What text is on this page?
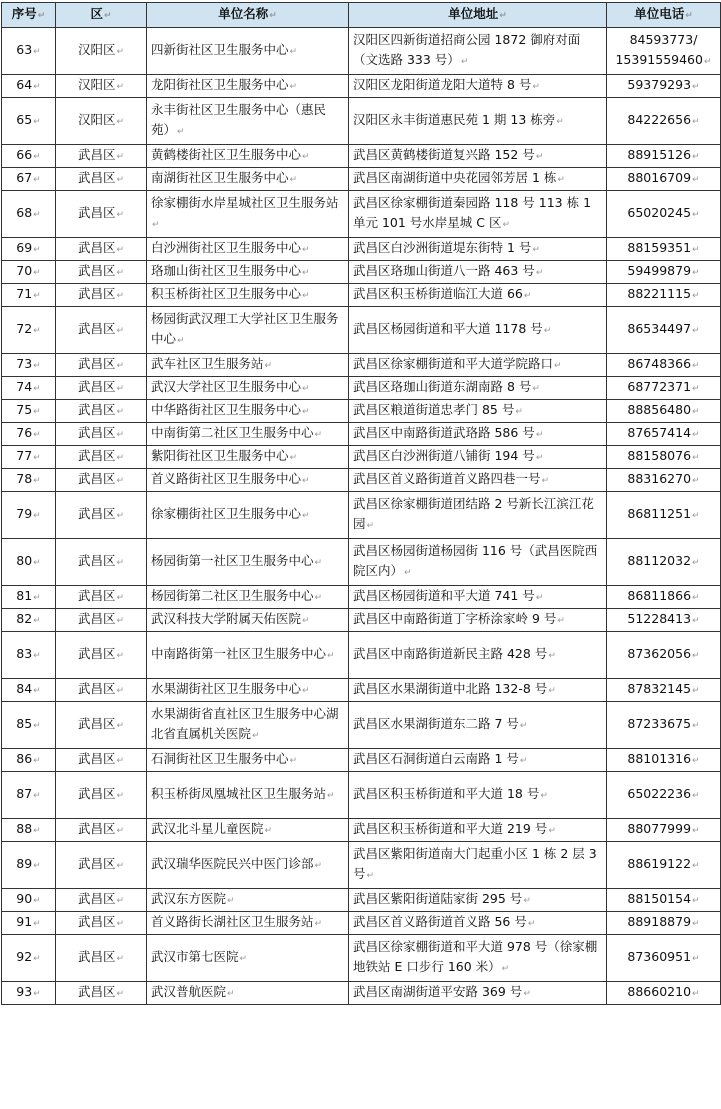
序号↵	区↵	单位名称↵	单位地址↵	单位电话↵
63↵	汉阳区↵	四新街社区卫生服务中心↵	汉阳区四新街道招商公园 1872 御府对面（文选路 333 号）↵	84593773/ 15391559460↵
64↵	汉阳区↵	龙阳街社区卫生服务中心↵	汉阳区龙阳街道龙阳大道特 8 号↵	59379293↵
65↵	汉阳区↵	永丰街社区卫生服务中心（惠民苑）↵	汉阳区永丰街道惠民苑 1 期 13 栋旁↵	84222656↵
66↵	武昌区↵	黄鹤楼街社区卫生服务中心↵	武昌区黄鹤楼街道复兴路 152 号↵	88915126↵
67↵	武昌区↵	南湖街社区卫生服务中心↵	武昌区南湖街道中央花园邻芳居 1 栋↵	88016709↵
68↵	武昌区↵	徐家棚街水岸星城社区卫生服务站↵	武昌区徐家棚街道秦园路 118 号 113 栋 1 单元 101 号水岸星城 C 区↵	65020245↵
69↵	武昌区↵	白沙洲街社区卫生服务中心↵	武昌区白沙洲街道堤东街特 1 号↵	88159351↵
70↵	武昌区↵	珞珈山街社区卫生服务中心↵	武昌区珞珈山街道八一路 463 号↵	59499879↵
71↵	武昌区↵	积玉桥街社区卫生服务中心↵	武昌区积玉桥街道临江大道 66↵	88221115↵
72↵	武昌区↵	杨园街武汉理工大学社区卫生服务中心↵	武昌区杨园街道和平大道 1178 号↵	86534497↵
73↵	武昌区↵	武车社区卫生服务站↵	武昌区徐家棚街道和平大道学院路口↵	86748366↵
74↵	武昌区↵	武汉大学社区卫生服务中心↵	武昌区珞珈山街道东湖南路 8 号↵	68772371↵
75↵	武昌区↵	中华路街社区卫生服务中心↵	武昌区粮道街道忠孝门 85 号↵	88856480↵
76↵	武昌区↵	中南街第二社区卫生服务中心↵	武昌区中南路街道武珞路 586 号↵	87657414↵
77↵	武昌区↵	紫阳街社区卫生服务中心↵	武昌区白沙洲街道八铺街 194 号↵	88158076↵
78↵	武昌区↵	首义路街社区卫生服务中心↵	武昌区首义路街道首义路四巷一号↵	88316270↵
79↵	武昌区↵	徐家棚街社区卫生服务中心↵	武昌区徐家棚街道团结路 2 号新长江滨江花园↵	86811251↵
80↵	武昌区↵	杨园街第一社区卫生服务中心↵	武昌区杨园街道杨园街 116 号（武昌医院西院区内）↵	88112032↵
81↵	武昌区↵	杨园街第二社区卫生服务中心↵	武昌区杨园街道和平大道 741 号↵	86811866↵
82↵	武昌区↵	武汉科技大学附属天佑医院↵	武昌区中南路街道丁字桥涂家岭 9 号↵	51228413↵
83↵	武昌区↵	中南路街第一社区卫生服务中心↵	武昌区中南路街道新民主路 428 号↵	87362056↵
84↵	武昌区↵	水果湖街社区卫生服务中心↵	武昌区水果湖街道中北路 132-8 号↵	87832145↵
85↵	武昌区↵	水果湖街省直社区卫生服务中心湖北省直属机关医院↵	武昌区水果湖街道东二路 7 号↵	87233675↵
86↵	武昌区↵	石洞街社区卫生服务中心↵	武昌区石洞街道白云南路 1 号↵	88101316↵
87↵	武昌区↵	积玉桥街凤凰城社区卫生服务站↵	武昌区积玉桥街道和平大道 18 号↵	65022236↵
88↵	武昌区↵	武汉北斗星儿童医院↵	武昌区积玉桥街道和平大道 219 号↵	88077999↵
89↵	武昌区↵	武汉瑞华医院民兴中医门诊部↵	武昌区紫阳街道南大门起重小区 1 栋 2 层 3 号↵	88619122↵
90↵	武昌区↵	武汉东方医院↵	武昌区紫阳街道陆家街 295 号↵	88150154↵
91↵	武昌区↵	首义路街长湖社区卫生服务站↵	武昌区首义路街道首义路 56 号↵	88918879↵
92↵	武昌区↵	武汉市第七医院↵	武昌区徐家棚街道和平大道 978 号（徐家棚地铁站 E 口步行 160 米）↵	87360951↵
93↵	武昌区↵	武汉普航医院↵	武昌区南湖街道平安路 369 号↵	88660210↵
